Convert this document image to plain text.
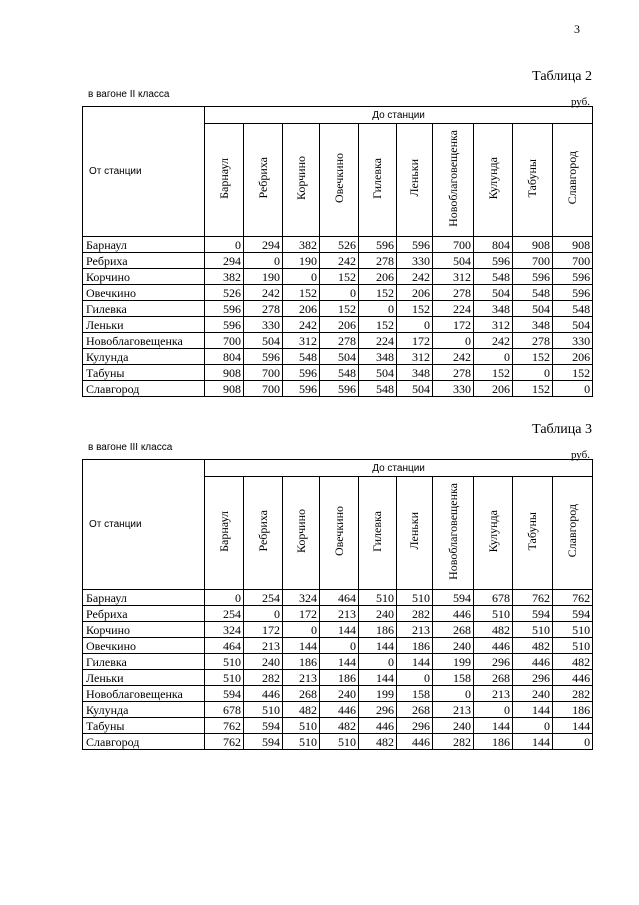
3
Таблица 2
в вагоне II класса
руб.
От станции	До станции									
	Барнаул	Ребриха	Корчино	Овечкино	Гилевка	Леньки	Новоблаговещенка	Кулунда	Табуны	Славгород
Барнаул	0	294	382	526	596	596	700	804	908	908
Ребриха	294	0	190	242	278	330	504	596	700	700
Корчино	382	190	0	152	206	242	312	548	596	596
Овечкино	526	242	152	0	152	206	278	504	548	596
Гилевка	596	278	206	152	0	152	224	348	504	548
Леньки	596	330	242	206	152	0	172	312	348	504
Новоблаговещенка	700	504	312	278	224	172	0	242	278	330
Кулунда	804	596	548	504	348	312	242	0	152	206
Табуны	908	700	596	548	504	348	278	152	0	152
Славгород	908	700	596	596	548	504	330	206	152	0
Таблица 3
в вагоне III класса
руб.
От станции	До станции									
	Барнаул	Ребриха	Корчино	Овечкино	Гилевка	Леньки	Новоблаговещенка	Кулунда	Табуны	Славгород
Барнаул	0	254	324	464	510	510	594	678	762	762
Ребриха	254	0	172	213	240	282	446	510	594	594
Корчино	324	172	0	144	186	213	268	482	510	510
Овечкино	464	213	144	0	144	186	240	446	482	510
Гилевка	510	240	186	144	0	144	199	296	446	482
Леньки	510	282	213	186	144	0	158	268	296	446
Новоблаговещенка	594	446	268	240	199	158	0	213	240	282
Кулунда	678	510	482	446	296	268	213	0	144	186
Табуны	762	594	510	482	446	296	240	144	0	144
Славгород	762	594	510	510	482	446	282	186	144	0
